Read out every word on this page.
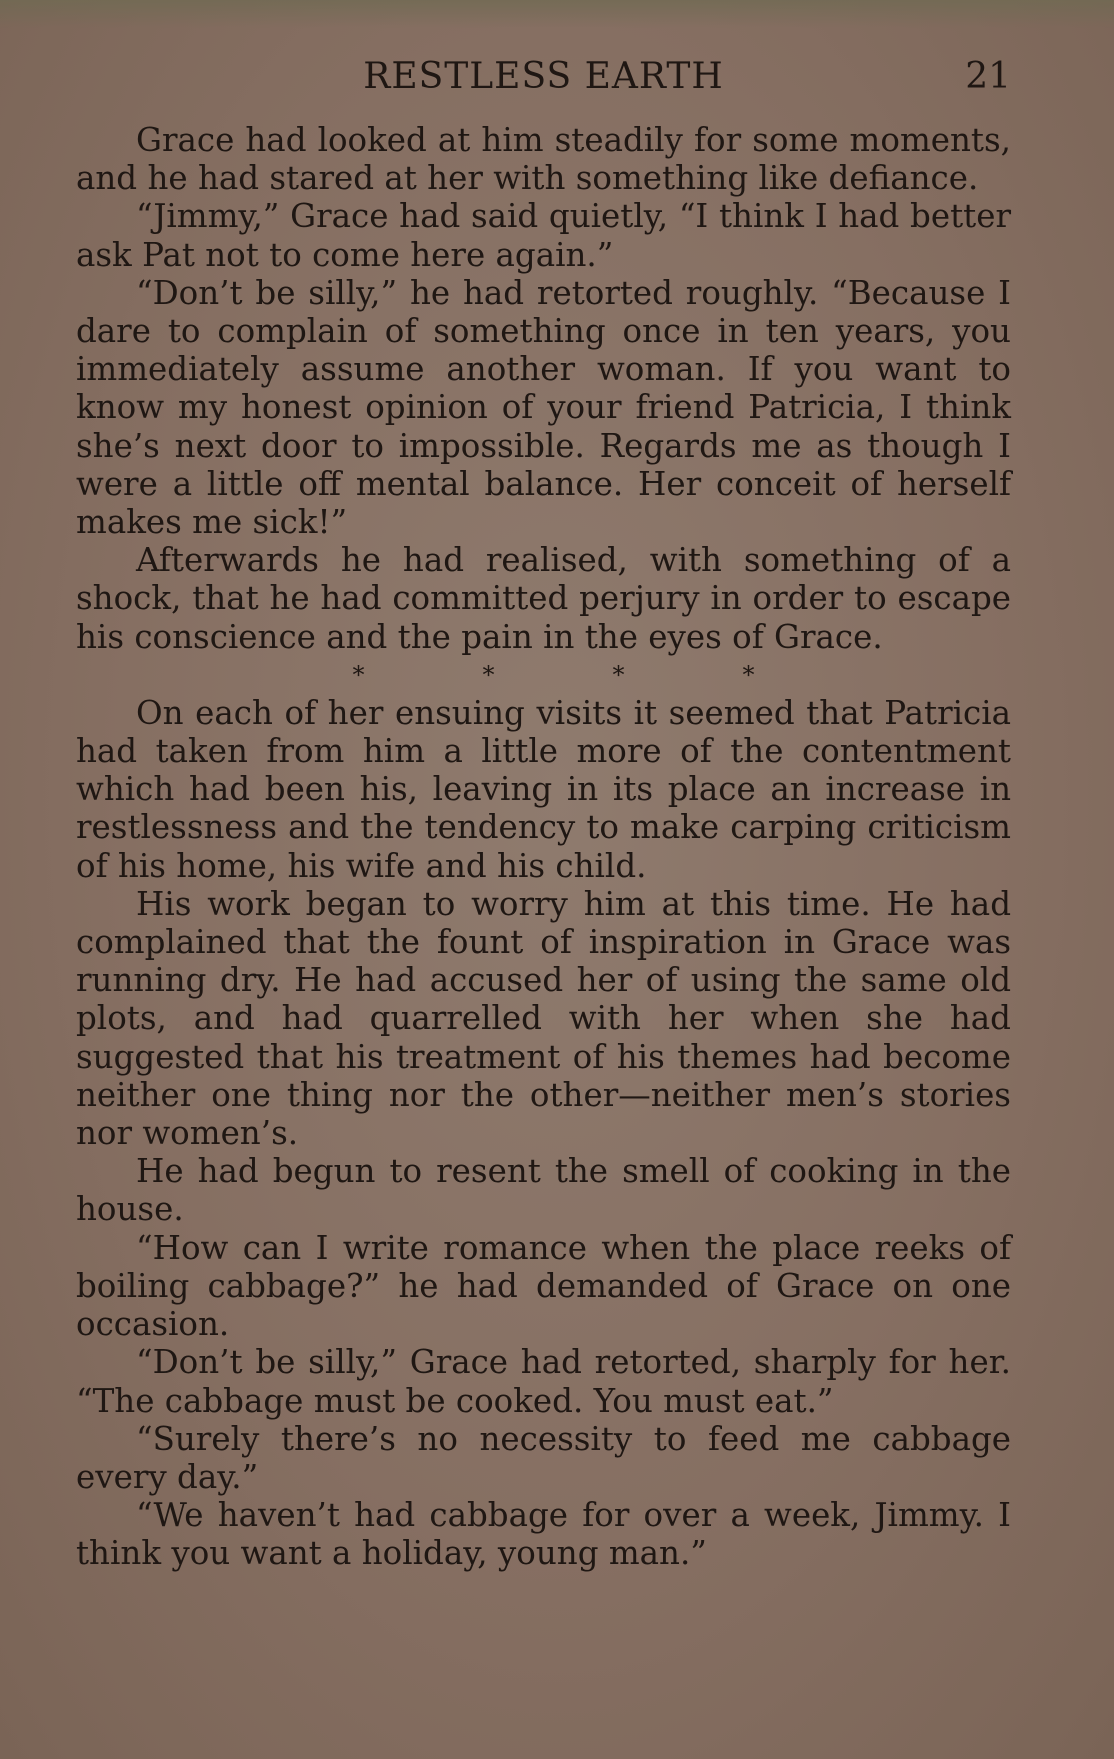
RESTLESS EARTH	21

Grace had looked at him steadily for some moments, and he had stared at her with something like defiance.

“Jimmy,” Grace had said quietly, “I think I had better ask Pat not to come here again.”

“Don’t be silly,” he had retorted roughly. “Because I dare to complain of something once in ten years, you immediately assume another woman. If you want to know my honest opinion of your friend Patricia, I think she’s next door to impossible. Regards me as though I were a little off mental balance. Her conceit of herself makes me sick!”

Afterwards he had realised, with something of a shock, that he had committed perjury in order to escape his conscience and the pain in the eyes of Grace.

*	*	*	*

On each of her ensuing visits it seemed that Patricia had taken from him a little more of the contentment which had been his, leaving in its place an increase in restlessness and the tendency to make carping criticism of his home, his wife and his child.

His work began to worry him at this time. He had complained that the fount of inspiration in Grace was running dry. He had accused her of using the same old plots, and had quarrelled with her when she had suggested that his treatment of his themes had become neither one thing nor the other—neither men’s stories nor women’s.

He had begun to resent the smell of cooking in the house.

“How can I write romance when the place reeks of boiling cabbage?” he had demanded of Grace on one occasion.

“Don’t be silly,” Grace had retorted, sharply for her. “The cabbage must be cooked. You must eat.”

“Surely there’s no necessity to feed me cabbage every day.”

“We haven’t had cabbage for over a week, Jimmy. I think you want a holiday, young man.”
